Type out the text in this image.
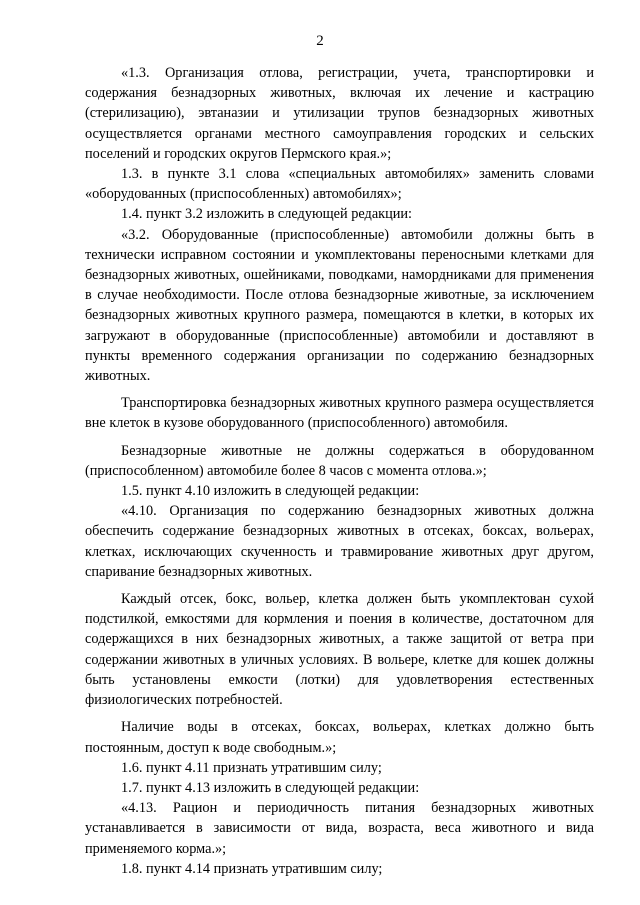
2

«1.3. Организация отлова, регистрации, учета, транспортировки и содержания безнадзорных животных, включая их лечение и кастрацию (стерилизацию), эвтаназии и утилизации трупов безнадзорных животных осуществляется органами местного самоуправления городских и сельских поселений и городских округов Пермского края.»;

1.3. в пункте 3.1 слова «специальных автомобилях» заменить словами «оборудованных (приспособленных) автомобилях»;

1.4. пункт 3.2 изложить в следующей редакции:

«3.2. Оборудованные (приспособленные) автомобили должны быть в технически исправном состоянии и укомплектованы переносными клетками для безнадзорных животных, ошейниками, поводками, намордниками для применения в случае необходимости. После отлова безнадзорные животные, за исключением безнадзорных животных крупного размера, помещаются в клетки, в которых их загружают в оборудованные (приспособленные) автомобили и доставляют в пункты временного содержания организации по содержанию безнадзорных животных.

Транспортировка безнадзорных животных крупного размера осуществляется вне клеток в кузове оборудованного (приспособленного) автомобиля.

Безнадзорные животные не должны содержаться в оборудованном (приспособленном) автомобиле более 8 часов с момента отлова.»;

1.5. пункт 4.10 изложить в следующей редакции:

«4.10. Организация по содержанию безнадзорных животных должна обеспечить содержание безнадзорных животных в отсеках, боксах, вольерах, клетках, исключающих скученность и травмирование животных друг другом, спаривание безнадзорных животных.

Каждый отсек, бокс, вольер, клетка должен быть укомплектован сухой подстилкой, емкостями для кормления и поения в количестве, достаточном для содержащихся в них безнадзорных животных, а также защитой от ветра при содержании животных в уличных условиях. В вольере, клетке для кошек должны быть установлены емкости (лотки) для удовлетворения естественных физиологических потребностей.

Наличие воды в отсеках, боксах, вольерах, клетках должно быть постоянным, доступ к воде свободным.»;

1.6. пункт 4.11 признать утратившим силу;

1.7. пункт 4.13 изложить в следующей редакции:

«4.13. Рацион и периодичность питания безнадзорных животных устанавливается в зависимости от вида, возраста, веса животного и вида применяемого корма.»;

1.8. пункт 4.14 признать утратившим силу;
